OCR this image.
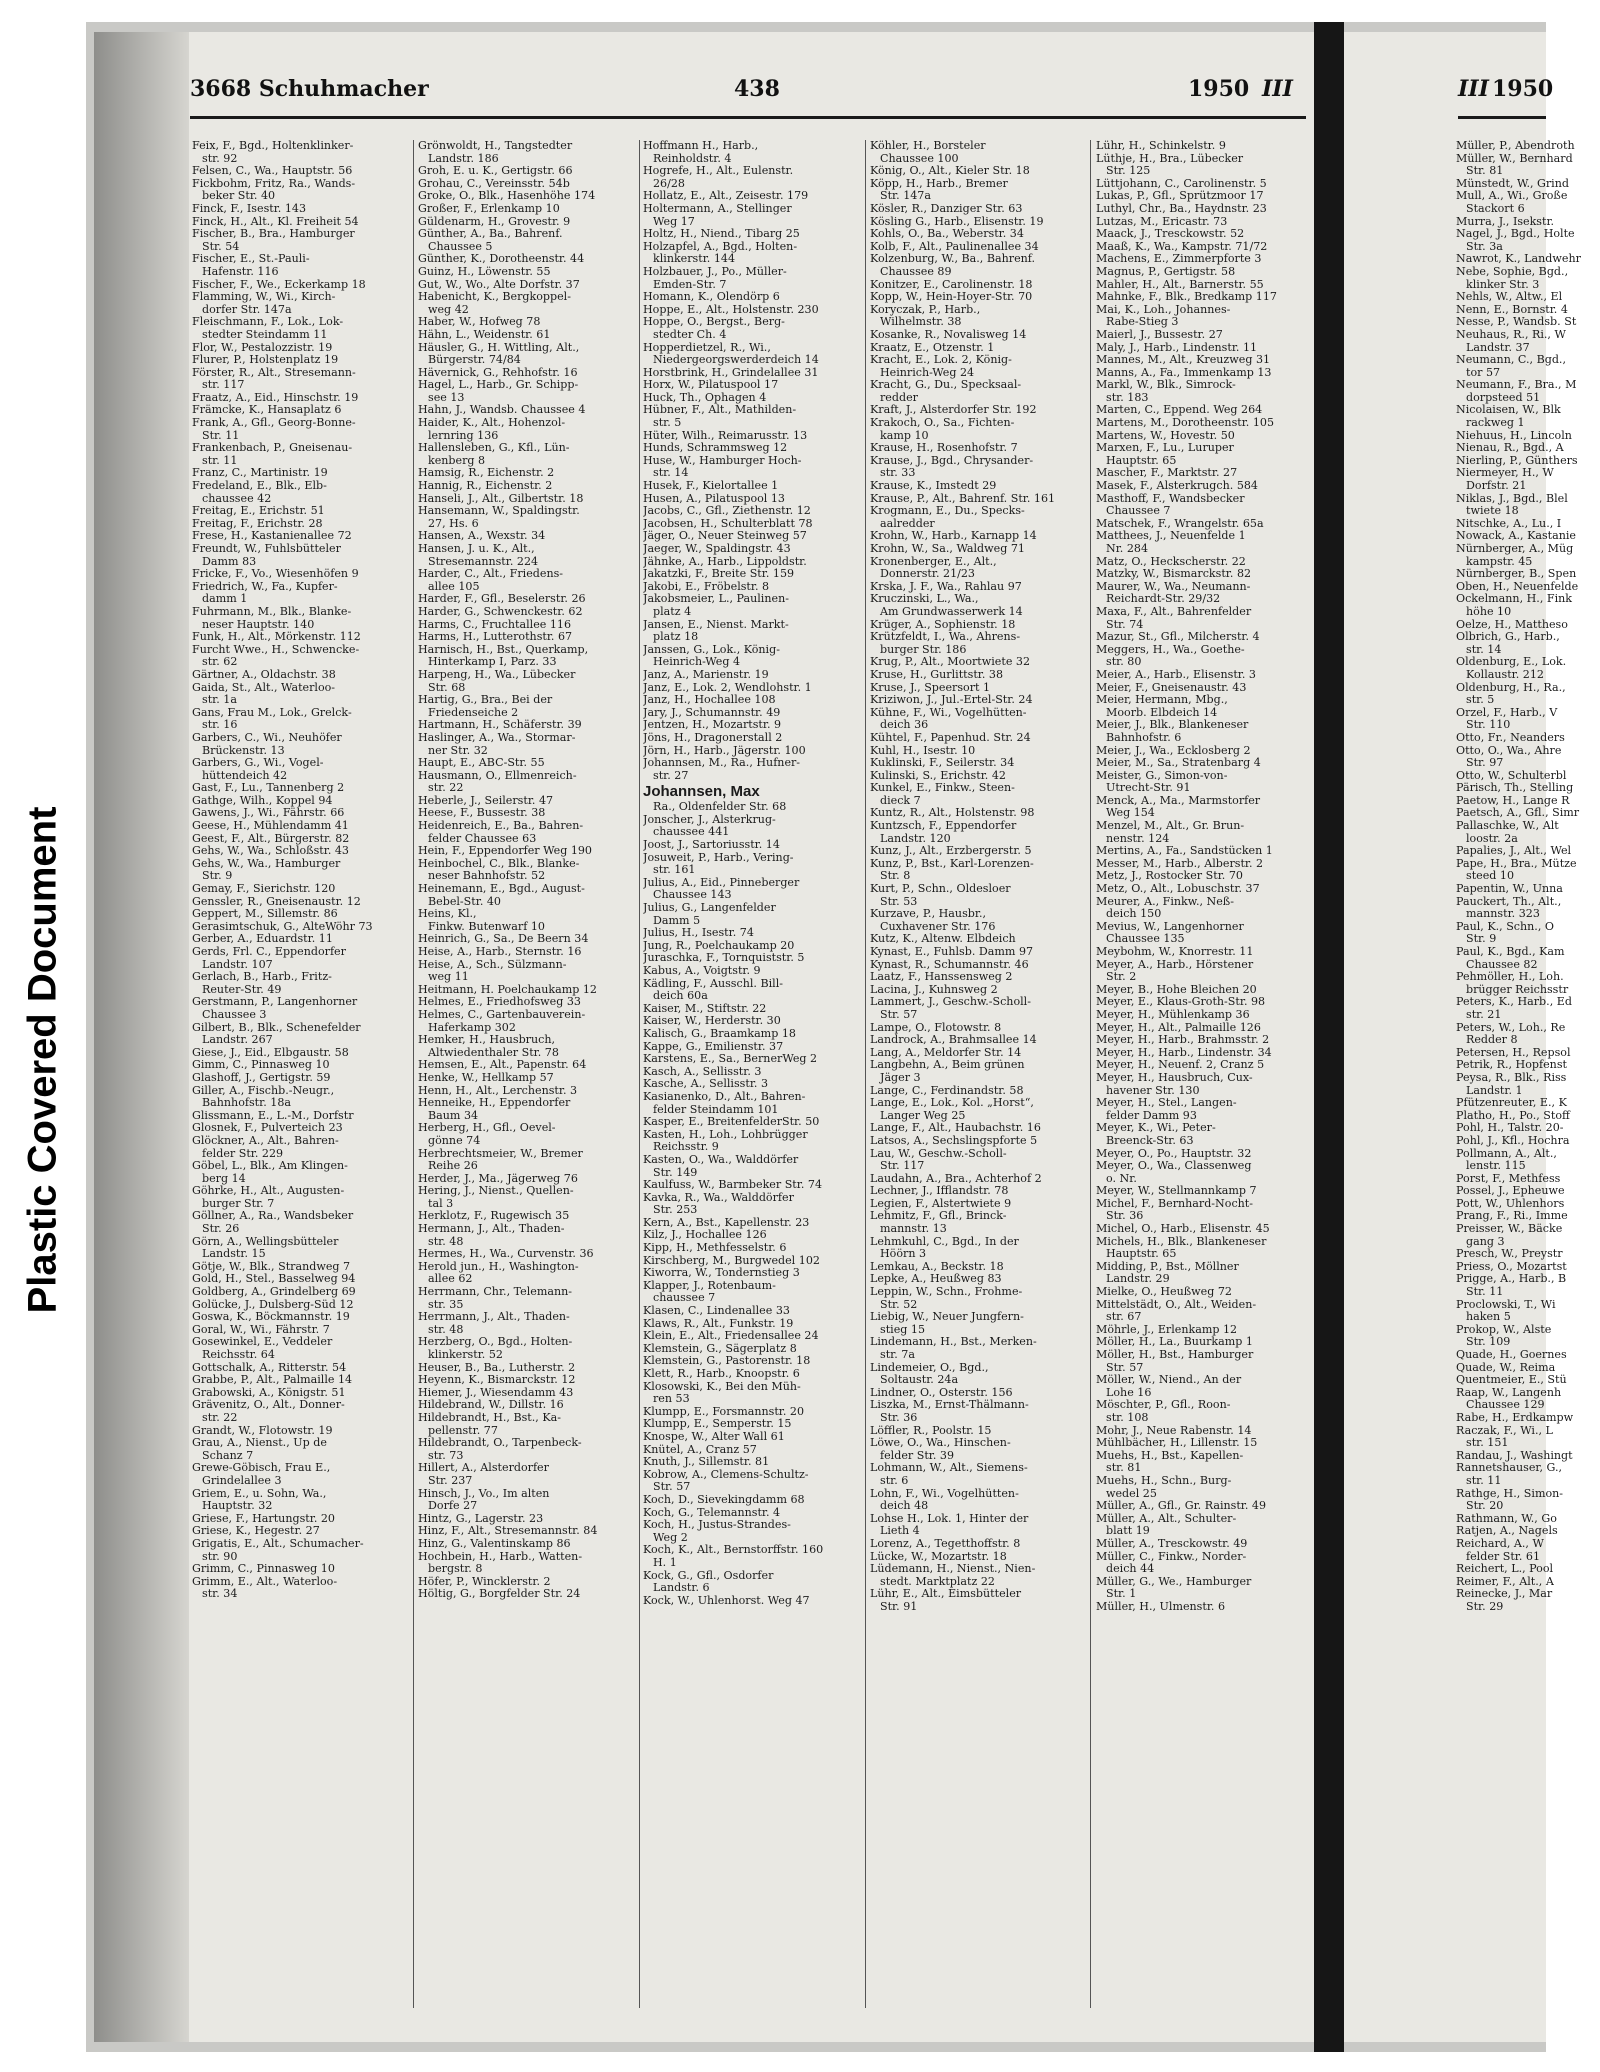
Plastic Covered Document
3668 Schuhmacher	438	1950 III	III 1950
Feix, F., Bgd., Holtenklinker-
str. 92
Felsen, C., Wa., Hauptstr. 56
Fickbohm, Fritz, Ra., Wands-
beker Str. 40
Finck, F., Isestr. 143
Finck, H., Alt., Kl. Freiheit 54
Fischer, B., Bra., Hamburger
Str. 54
Fischer, E., St.-Pauli-
Hafenstr. 116
Fischer, F., We., Eckerkamp 18
Flamming, W., Wi., Kirch-
dorfer Str. 147a
Fleischmann, F., Lok., Lok-
stedter Steindamm 11
Flor, W., Pestalozzistr. 19
Flurer, P., Holstenplatz 19
Förster, R., Alt., Stresemann-
str. 117
Fraatz, A., Eid., Hinschstr. 19
Främcke, K., Hansaplatz 6
Frank, A., Gfl., Georg-Bonne-
Str. 11
Frankenbach, P., Gneisenau-
str. 11
Franz, C., Martinistr. 19
Fredeland, E., Blk., Elb-
chaussee 42
Freitag, E., Erichstr. 51
Freitag, F., Erichstr. 28
Frese, H., Kastanienallee 72
Freundt, W., Fuhlsbütteler
Damm 83
Fricke, F., Vo., Wiesenhöfen 9
Friedrich, W., Fa., Kupfer-
damm 1
Fuhrmann, M., Blk., Blanke-
neser Hauptstr. 140
Funk, H., Alt., Mörkenstr. 112
Furcht Wwe., H., Schwencke-
str. 62
Gärtner, A., Oldachstr. 38
Gaida, St., Alt., Waterloo-
str. 1a
Gans, Frau M., Lok., Grelck-
str. 16
Garbers, C., Wi., Neuhöfer
Brückenstr. 13
Garbers, G., Wi., Vogel-
hüttendeich 42
Gast, F., Lu., Tannenberg 2
Gathge, Wilh., Koppel 94
Gawens, J., Wi., Fährstr. 66
Geese, H., Mühlendamm 41
Geest, F., Alt., Bürgerstr. 82
Gehs, W., Wa., Schloßstr. 43
Gehs, W., Wa., Hamburger
Str. 9
Gemay, F., Sierichstr. 120
Genssler, R., Gneisenaustr. 12
Geppert, M., Sillemstr. 86
Gerasimtschuk, G., AlteWöhr 73
Gerber, A., Eduardstr. 11
Gerds, Frl. C., Eppendorfer
Landstr. 107
Gerlach, B., Harb., Fritz-
Reuter-Str. 49
Gerstmann, P., Langenhorner
Chaussee 3
Gilbert, B., Blk., Schenefelder
Landstr. 267
Giese, J., Eid., Elbgaustr. 58
Gimm, C., Pinnasweg 10
Glashoff, J., Gertigstr. 59
Giller, A., Fischb.-Neugr.,
Bahnhofstr. 18a
Glissmann, E., L.-M., Dorfstr
Glosnek, F., Pulverteich 23
Glöckner, A., Alt., Bahren-
felder Str. 229
Göbel, L., Blk., Am Klingen-
berg 14
Göhrke, H., Alt., Augusten-
burger Str. 7
Göllner, A., Ra., Wandsbeker
Str. 26
Görn, A., Wellingsbütteler
Landstr. 15
Götje, W., Blk., Strandweg 7
Gold, H., Stel., Basselweg 94
Goldberg, A., Grindelberg 69
Golücke, J., Dulsberg-Süd 12
Goswa, K., Böckmannstr. 19
Goral, W., Wi., Fährstr. 7
Gosewinkel, E., Veddeler
Reichsstr. 64
Gottschalk, A., Ritterstr. 54
Grabbe, P., Alt., Palmaille 14
Grabowski, A., Königstr. 51
Grävenitz, O., Alt., Donner-
str. 22
Grandt, W., Flotowstr. 19
Grau, A., Nienst., Up de
Schanz 7
Grewe-Göbisch, Frau E.,
Grindelallee 3
Griem, E., u. Sohn, Wa.,
Hauptstr. 32
Griese, F., Hartungstr. 20
Griese, K., Hegestr. 27
Grigatis, E., Alt., Schumacher-
str. 90
Grimm, C., Pinnasweg 10
Grimm, E., Alt., Waterloo-
str. 34
Grönwoldt, H., Tangstedter
Landstr. 186
Groh, E. u. K., Gertigstr. 66
Grohau, C., Vereinsstr. 54b
Groke, O., Blk., Hasenhöhe 174
Großer, F., Erlenkamp 10
Güldenarm, H., Grovestr. 9
Günther, A., Ba., Bahrenf.
Chaussee 5
Günther, K., Dorotheenstr. 44
Guinz, H., Löwenstr. 55
Gut, W., Wo., Alte Dorfstr. 37
Habenicht, K., Bergkoppel-
weg 42
Haber, W., Hofweg 78
Hähn, L., Weidenstr. 61
Häusler, G., H. Wittling, Alt.,
Bürgerstr. 74/84
Hävernick, G., Rehhofstr. 16
Hagel, L., Harb., Gr. Schipp-
see 13
Hahn, J., Wandsb. Chaussee 4
Haider, K., Alt., Hohenzol-
lernring 136
Hallensleben, G., Kfl., Lün-
kenberg 8
Hamsig, R., Eichenstr. 2
Hannig, R., Eichenstr. 2
Hanseli, J., Alt., Gilbertstr. 18
Hansemann, W., Spaldingstr.
27, Hs. 6
Hansen, A., Wexstr. 34
Hansen, J. u. K., Alt.,
Stresemannstr. 224
Harder, C., Alt., Friedens-
allee 105
Harder, F., Gfl., Beselerstr. 26
Harder, G., Schwenckestr. 62
Harms, C., Fruchtallee 116
Harms, H., Lutterothstr. 67
Harnisch, H., Bst., Querkamp,
Hinterkamp I, Parz. 33
Harpeng, H., Wa., Lübecker
Str. 68
Hartig, G., Bra., Bei der
Friedenseiche 2
Hartmann, H., Schäferstr. 39
Haslinger, A., Wa., Stormar-
ner Str. 32
Haupt, E., ABC-Str. 55
Hausmann, O., Ellmenreich-
str. 22
Heberle, J., Seilerstr. 47
Heese, F., Bussestr. 38
Heidenreich, E., Ba., Bahren-
felder Chaussee 63
Hein, F., Eppendorfer Weg 190
Heinbochel, C., Blk., Blanke-
neser Bahnhofstr. 52
Heinemann, E., Bgd., August-
Bebel-Str. 40
Heins, Kl.,
Finkw. Butenwarf 10
Heinrich, G., Sa., De Beern 34
Heise, A., Harb., Sternstr. 16
Heise, A., Sch., Sülzmann-
weg 11
Heitmann, H. Poelchaukamp 12
Helmes, E., Friedhofsweg 33
Helmes, C., Gartenbauverein-
Haferkamp 302
Hemker, H., Hausbruch,
Altwiedenthaler Str. 78
Hemsen, E., Alt., Papenstr. 64
Henke, W., Hellkamp 57
Henn, H., Alt., Lerchenstr. 3
Henneike, H., Eppendorfer
Baum 34
Herberg, H., Gfl., Oevel-
gönne 74
Herbrechtsmeier, W., Bremer
Reihe 26
Herder, J., Ma., Jägerweg 76
Hering, J., Nienst., Quellen-
tal 3
Herklotz, F., Rugewisch 35
Hermann, J., Alt., Thaden-
str. 48
Hermes, H., Wa., Curvenstr. 36
Herold jun., H., Washington-
allee 62
Herrmann, Chr., Telemann-
str. 35
Herrmann, J., Alt., Thaden-
str. 48
Herzberg, O., Bgd., Holten-
klinkerstr. 52
Heuser, B., Ba., Lutherstr. 2
Heyenn, K., Bismarckstr. 12
Hiemer, J., Wiesendamm 43
Hildebrand, W., Dillstr. 16
Hildebrandt, H., Bst., Ka-
pellenstr. 77
Hildebrandt, O., Tarpenbeck-
str. 73
Hillert, A., Alsterdorfer
Str. 237
Hinsch, J., Vo., Im alten
Dorfe 27
Hintz, G., Lagerstr. 23
Hinz, F., Alt., Stresemannstr. 84
Hinz, G., Valentinskamp 86
Hochbein, H., Harb., Watten-
bergstr. 8
Höfer, P., Wincklerstr. 2
Höltig, G., Borgfelder Str. 24
Hoffmann H., Harb.,
Reinholdstr. 4
Hogrefe, H., Alt., Eulenstr.
26/28
Hollatz, E., Alt., Zeisestr. 179
Holtermann, A., Stellinger
Weg 17
Holtz, H., Niend., Tibarg 25
Holzapfel, A., Bgd., Holten-
klinkerstr. 144
Holzbauer, J., Po., Müller-
Emden-Str. 7
Homann, K., Olendörp 6
Hoppe, E., Alt., Holstenstr. 230
Hoppe, O., Bergst., Berg-
stedter Ch. 4
Hopperdietzel, R., Wi.,
Niedergeorgswerderdeich 14
Horstbrink, H., Grindelallee 31
Horx, W., Pilatuspool 17
Huck, Th., Ophagen 4
Hübner, F., Alt., Mathilden-
str. 5
Hüter, Wilh., Reimarusstr. 13
Hunds, Schrammsweg 12
Huse, W., Hamburger Hoch-
str. 14
Husek, F., Kielortallee 1
Husen, A., Pilatuspool 13
Jacobs, C., Gfl., Ziethenstr. 12
Jacobsen, H., Schulterblatt 78
Jäger, O., Neuer Steinweg 57
Jaeger, W., Spaldingstr. 43
Jähnke, A., Harb., Lippoldstr.
Jakatzki, F., Breite Str. 159
Jakobi, E., Fröbelstr. 8
Jakobsmeier, L., Paulinen-
platz 4
Jansen, E., Nienst. Markt-
platz 18
Janssen, G., Lok., König-
Heinrich-Weg 4
Janz, A., Marienstr. 19
Janz, E., Lok. 2, Wendlohstr. 1
Janz, H., Hochallee 108
Jary, J., Schumannstr. 49
Jentzen, H., Mozartstr. 9
Jöns, H., Dragonerstall 2
Jörn, H., Harb., Jägerstr. 100
Johannsen, M., Ra., Hufner-
str. 27
Johannsen, Max
Ra., Oldenfelder Str. 68
Jonscher, J., Alsterkrug-
chaussee 441
Joost, J., Sartoriusstr. 14
Josuweit, P., Harb., Vering-
str. 161
Julius, A., Eid., Pinneberger
Chaussee 143
Julius, G., Langenfelder
Damm 5
Julius, H., Isestr. 74
Jung, R., Poelchaukamp 20
Juraschka, F., Tornquiststr. 5
Kabus, A., Voigtstr. 9
Kädling, F., Ausschl. Bill-
deich 60a
Kaiser, M., Stiftstr. 22
Kaiser, W., Herderstr. 30
Kalisch, G., Braamkamp 18
Kappe, G., Emilienstr. 37
Karstens, E., Sa., BernerWeg 2
Kasch, A., Sellisstr. 3
Kasche, A., Sellisstr. 3
Kasianenko, D., Alt., Bahren-
felder Steindamm 101
Kasper, E., BreitenfelderStr. 50
Kasten, H., Loh., Lohbrügger
Reichsstr. 9
Kasten, O., Wa., Walddörfer
Str. 149
Kaulfuss, W., Barmbeker Str. 74
Kavka, R., Wa., Walddörfer
Str. 253
Kern, A., Bst., Kapellenstr. 23
Kilz, J., Hochallee 126
Kipp, H., Methfesselstr. 6
Kirschberg, M., Burgwedel 102
Kiworra, W., Tondernstieg 3
Klapper, J., Rotenbaum-
chaussee 7
Klasen, C., Lindenallee 33
Klaws, R., Alt., Funkstr. 19
Klein, E., Alt., Friedensallee 24
Klemstein, G., Sägerplatz 8
Klemstein, G., Pastorenstr. 18
Klett, R., Harb., Knoopstr. 6
Klosowski, K., Bei den Müh-
ren 53
Klumpp, E., Forsmannstr. 20
Klumpp, E., Semperstr. 15
Knospe, W., Alter Wall 61
Knütel, A., Cranz 57
Knuth, J., Sillemstr. 81
Kobrow, A., Clemens-Schultz-
Str. 57
Koch, D., Sievekingdamm 68
Koch, G., Telemannstr. 4
Koch, H., Justus-Strandes-
Weg 2
Koch, K., Alt., Bernstorffstr. 160
H. 1
Kock, G., Gfl., Osdorfer
Landstr. 6
Kock, W., Uhlenhorst. Weg 47
Köhler, H., Borsteler
Chaussee 100
König, O., Alt., Kieler Str. 18
Köpp, H., Harb., Bremer
Str. 147a
Kösler, R., Danziger Str. 63
Kösling G., Harb., Elisenstr. 19
Kohls, O., Ba., Weberstr. 34
Kolb, F., Alt., Paulinenallee 34
Kolzenburg, W., Ba., Bahrenf.
Chaussee 89
Konitzer, E., Carolinenstr. 18
Kopp, W., Hein-Hoyer-Str. 70
Koryczak, P., Harb.,
Wilhelmstr. 38
Kosanke, R., Novalisweg 14
Kraatz, E., Otzenstr. 1
Kracht, E., Lok. 2, König-
Heinrich-Weg 24
Kracht, G., Du., Specksaal-
redder
Kraft, J., Alsterdorfer Str. 192
Krakoch, O., Sa., Fichten-
kamp 10
Krause, H., Rosenhofstr. 7
Krause, J., Bgd., Chrysander-
str. 33
Krause, K., Imstedt 29
Krause, P., Alt., Bahrenf. Str. 161
Krogmann, E., Du., Specks-
aalredder
Krohn, W., Harb., Karnapp 14
Krohn, W., Sa., Waldweg 71
Kronenberger, E., Alt.,
Donnerstr. 21/23
Krska, J. F., Wa., Rahlau 97
Kruczinski, L., Wa.,
Am Grundwasserwerk 14
Krüger, A., Sophienstr. 18
Krützfeldt, I., Wa., Ahrens-
burger Str. 186
Krug, P., Alt., Moortwiete 32
Kruse, H., Gurlittstr. 38
Kruse, J., Speersort 1
Kriziwon, J., Jul.-Ertel-Str. 24
Kühne, F., Wi., Vogelhütten-
deich 36
Kühtel, F., Papenhud. Str. 24
Kuhl, H., Isestr. 10
Kuklinski, F., Seilerstr. 34
Kulinski, S., Erichstr. 42
Kunkel, E., Finkw., Steen-
dieck 7
Kuntz, R., Alt., Holstenstr. 98
Kuntzsch, F., Eppendorfer
Landstr. 120
Kunz, J., Alt., Erzbergerstr. 5
Kunz, P., Bst., Karl-Lorenzen-
Str. 8
Kurt, P., Schn., Oldesloer
Str. 53
Kurzave, P., Hausbr.,
Cuxhavener Str. 176
Kutz, K., Altenw. Elbdeich
Kynast, E., Fuhlsb. Damm 97
Kynast, R., Schumannstr. 46
Laatz, F., Hanssensweg 2
Lacina, J., Kuhnsweg 2
Lammert, J., Geschw.-Scholl-
Str. 57
Lampe, O., Flotowstr. 8
Landrock, A., Brahmsallee 14
Lang, A., Meldorfer Str. 14
Langbehn, A., Beim grünen
Jäger 3
Lange, C., Ferdinandstr. 58
Lange, E., Lok., Kol. „Horst“,
Langer Weg 25
Lange, F., Alt., Haubachstr. 16
Latsos, A., Sechslingspforte 5
Lau, W., Geschw.-Scholl-
Str. 117
Laudahn, A., Bra., Achterhof 2
Lechner, J., Ifflandstr. 78
Legien, F., Alstertwiete 9
Lehmitz, F., Gfl., Brinck-
mannstr. 13
Lehmkuhl, C., Bgd., In der
Höörn 3
Lemkau, A., Beckstr. 18
Lepke, A., Heußweg 83
Leppin, W., Schn., Frohme-
Str. 52
Liebig, W., Neuer Jungfern-
stieg 15
Lindemann, H., Bst., Merken-
str. 7a
Lindemeier, O., Bgd.,
Soltaustr. 24a
Lindner, O., Osterstr. 156
Liszka, M., Ernst-Thälmann-
Str. 36
Löffler, R., Poolstr. 15
Löwe, O., Wa., Hinschen-
felder Str. 39
Lohmann, W., Alt., Siemens-
str. 6
Lohn, F., Wi., Vogelhütten-
deich 48
Lohse H., Lok. 1, Hinter der
Lieth 4
Lorenz, A., Tegetthoffstr. 8
Lücke, W., Mozartstr. 18
Lüdemann, H., Nienst., Nien-
stedt. Marktplatz 22
Lühr, E., Alt., Eimsbütteler
Str. 91
Lühr, H., Schinkelstr. 9
Lüthje, H., Bra., Lübecker
Str. 125
Lüttjohann, C., Carolinenstr. 5
Lukas, P., Gfl., Sprützmoor 17
Luthyl, Chr., Ba., Haydnstr. 23
Lutzas, M., Ericastr. 73
Maack, J., Tresckowstr. 52
Maaß, K., Wa., Kampstr. 71/72
Machens, E., Zimmerpforte 3
Magnus, P., Gertigstr. 58
Mahler, H., Alt., Barnerstr. 55
Mahnke, F., Blk., Bredkamp 117
Mai, K., Loh., Johannes-
Rabe-Stieg 3
Maierl, J., Bussestr. 27
Maly, J., Harb., Lindenstr. 11
Mannes, M., Alt., Kreuzweg 31
Manns, A., Fa., Immenkamp 13
Markl, W., Blk., Simrock-
str. 183
Marten, C., Eppend. Weg 264
Martens, M., Dorotheenstr. 105
Martens, W., Hovestr. 50
Marxen, F., Lu., Luruper
Hauptstr. 65
Mascher, F., Marktstr. 27
Masek, F., Alsterkrugch. 584
Masthoff, F., Wandsbecker
Chaussee 7
Matschek, F., Wrangelstr. 65a
Matthees, J., Neuenfelde 1
Nr. 284
Matz, O., Heckscherstr. 22
Matzky, W., Bismarckstr. 82
Maurer, W., Wa., Neumann-
Reichardt-Str. 29/32
Maxa, F., Alt., Bahrenfelder
Str. 74
Mazur, St., Gfl., Milcherstr. 4
Meggers, H., Wa., Goethe-
str. 80
Meier, A., Harb., Elisenstr. 3
Meier, F., Gneisenaustr. 43
Meier, Hermann, Mbg.,
Moorb. Elbdeich 14
Meier, J., Blk., Blankeneser
Bahnhofstr. 6
Meier, J., Wa., Ecklosberg 2
Meier, M., Sa., Stratenbarg 4
Meister, G., Simon-von-
Utrecht-Str. 91
Menck, A., Ma., Marmstorfer
Weg 154
Menzel, M., Alt., Gr. Brun-
nenstr. 124
Mertins, A., Fa., Sandstücken 1
Messer, M., Harb., Alberstr. 2
Metz, J., Rostocker Str. 70
Metz, O., Alt., Lobuschstr. 37
Meurer, A., Finkw., Neß-
deich 150
Mevius, W., Langenhorner
Chaussee 135
Meybohm, W., Knorrestr. 11
Meyer, A., Harb., Hörstener
Str. 2
Meyer, B., Hohe Bleichen 20
Meyer, E., Klaus-Groth-Str. 98
Meyer, H., Mühlenkamp 36
Meyer, H., Alt., Palmaille 126
Meyer, H., Harb., Brahmsstr. 2
Meyer, H., Harb., Lindenstr. 34
Meyer, H., Neuenf. 2, Cranz 5
Meyer, H., Hausbruch, Cux-
havener Str. 130
Meyer, H., Stel., Langen-
felder Damm 93
Meyer, K., Wi., Peter-
Breenck-Str. 63
Meyer, O., Po., Hauptstr. 32
Meyer, O., Wa., Classenweg
o. Nr.
Meyer, W., Stellmannkamp 7
Michel, F., Bernhard-Nocht-
Str. 36
Michel, O., Harb., Elisenstr. 45
Michels, H., Blk., Blankeneser
Hauptstr. 65
Midding, P., Bst., Möllner
Landstr. 29
Mielke, O., Heußweg 72
Mittelstädt, O., Alt., Weiden-
str. 67
Möhrle, J., Erlenkamp 12
Möller, H., La., Buurkamp 1
Möller, H., Bst., Hamburger
Str. 57
Möller, W., Niend., An der
Lohe 16
Möschter, P., Gfl., Roon-
str. 108
Mohr, J., Neue Rabenstr. 14
Mühlbächer, H., Lillenstr. 15
Muehs, H., Bst., Kapellen-
str. 81
Muehs, H., Schn., Burg-
wedel 25
Müller, A., Gfl., Gr. Rainstr. 49
Müller, A., Alt., Schulter-
blatt 19
Müller, A., Tresckowstr. 49
Müller, C., Finkw., Norder-
deich 44
Müller, G., We., Hamburger
Str. 1
Müller, H., Ulmenstr. 6
Müller, P., Abendroth
Müller, W., Bernhard
Str. 81
Münstedt, W., Grind
Mull, A., Wi., Große
Stackort 6
Murra, J., Isekstr.
Nagel, J., Bgd., Holte
Str. 3a
Nawrot, K., Landwehr
Nebe, Sophie, Bgd.,
klinker Str. 3
Nehls, W., Altw., El
Nenn, E., Bornstr. 4
Nesse, P., Wandsb. St
Neuhaus, R., Ri., W
Landstr. 37
Neumann, C., Bgd.,
tor 57
Neumann, F., Bra., M
dorpsteed 51
Nicolaisen, W., Blk
rackweg 1
Niehuus, H., Lincoln
Nienau, R., Bgd., A
Nierling, P., Günthers
Niermeyer, H., W
Dorfstr. 21
Niklas, J., Bgd., Blel
twiete 18
Nitschke, A., Lu., I
Nowack, A., Kastanie
Nürnberger, A., Müg
kampstr. 45
Nürnberger, B., Spen
Oben, H., Neuenfelde
Ockelmann, H., Fink
höhe 10
Oelze, H., Mattheso
Olbrich, G., Harb.,
str. 14
Oldenburg, E., Lok.
Kollaustr. 212
Oldenburg, H., Ra.,
str. 5
Orzel, F., Harb., V
Str. 110
Otto, Fr., Neanders
Otto, O., Wa., Ahre
Str. 97
Otto, W., Schulterbl
Pärisch, Th., Stelling
Paetow, H., Lange R
Paetsch, A., Gfl., Simr
Pallaschke, W., Alt
loostr. 2a
Papalies, J., Alt., Wel
Pape, H., Bra., Mütze
steed 10
Papentin, W., Unna
Pauckert, Th., Alt.,
mannstr. 323
Paul, K., Schn., O
Str. 9
Paul, K., Bgd., Kam
Chaussee 82
Pehmöller, H., Loh.
brügger Reichsstr
Peters, K., Harb., Ed
str. 21
Peters, W., Loh., Re
Redder 8
Petersen, H., Repsol
Petrik, R., Hopfenst
Peysa, R., Blk., Riss
Landstr. 1
Pfützenreuter, E., K
Platho, H., Po., Stoff
Pohl, H., Talstr. 20-
Pohl, J., Kfl., Hochra
Pollmann, A., Alt.,
lenstr. 115
Porst, F., Methfess
Possel, J., Epheuwe
Pott, W., Uhlenhors
Prang, F., Ri., Imme
Preisser, W., Bäcke
gang 3
Presch, W., Preystr
Priess, O., Mozartst
Prigge, A., Harb., B
Str. 11
Proclowski, T., Wi
haken 5
Prokop, W., Alste
Str. 109
Quade, H., Goernes
Quade, W., Reima
Quentmeier, E., Stü
Raap, W., Langenh
Chaussee 129
Rabe, H., Erdkampw
Raczak, F., Wi., L
str. 151
Randau, J., Washingt
Rannetshauser, G.,
str. 11
Rathge, H., Simon-
Str. 20
Rathmann, W., Go
Ratjen, A., Nagels
Reichard, A., W
felder Str. 61
Reichert, L., Pool
Reimer, F., Alt., A
Reinecke, J., Mar
Str. 29
